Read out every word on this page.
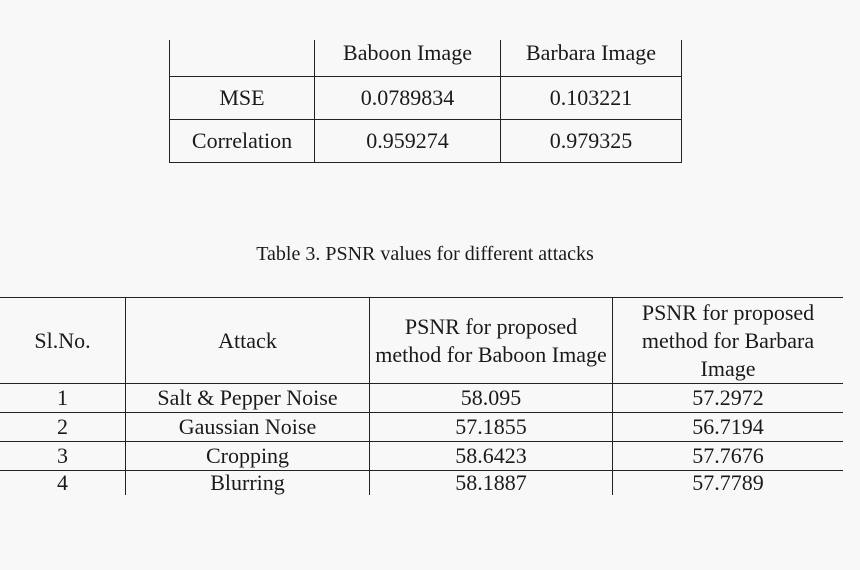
	Baboon Image	Barbara Image
MSE	0.0789834	0.103221
Correlation	0.959274	0.979325
Table 3. PSNR values for different attacks
Sl.No.	Attack	PSNR for proposed method for Baboon Image	PSNR for proposed method for Barbara Image
1	Salt & Pepper Noise	58.095	57.2972
2	Gaussian Noise	57.1855	56.7194
3	Cropping	58.6423	57.7676
4	Blurring	58.1887	57.7789
